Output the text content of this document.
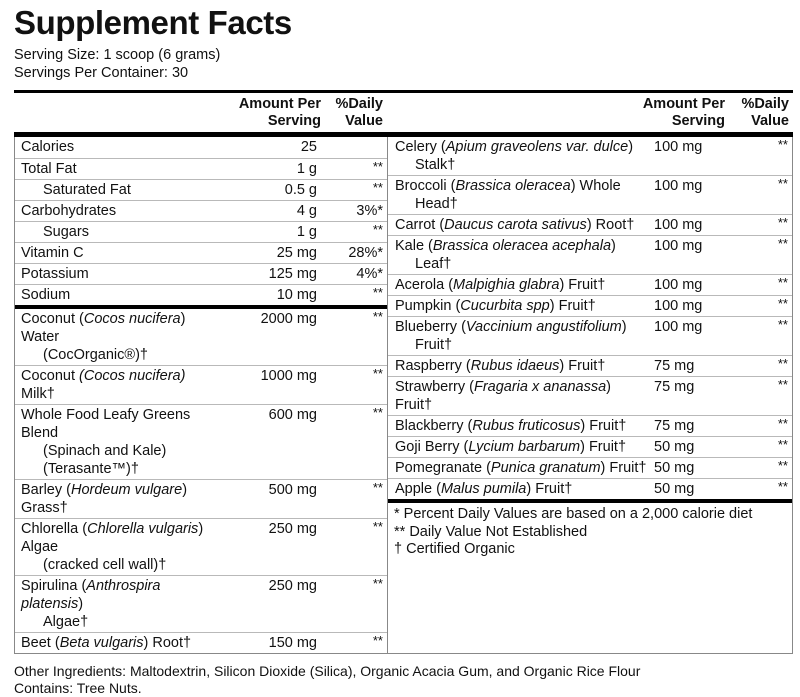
Supplement Facts
Serving Size: 1 scoop (6 grams)
Servings Per Container: 30
Amount Per
Serving
%Daily
Value
Amount Per
Serving
%Daily
Value
Calories	25
Total Fat	1 g	**
Saturated Fat	0.5 g	**
Carbohydrates	4 g	3%*
Sugars	1 g	**
Vitamin C	25 mg	28%*
Potassium	125 mg	4%*
Sodium	10 mg	**
Coconut (Cocos nucifera) Water
(CocOrganic®)†
2000 mg	**
Coconut (Cocos nucifera) Milk†
1000 mg	**
Whole Food Leafy Greens Blend
(Spinach and Kale) (Terasante™)†
600 mg	**
Barley (Hordeum vulgare) Grass†
500 mg	**
Chlorella (Chlorella vulgaris) Algae
(cracked cell wall)†
250 mg	**
Spirulina (Anthrospira platensis)
Algae†
250 mg	**
Beet (Beta vulgaris) Root†	150 mg	**
Celery (Apium graveolens var. dulce)
Stalk†
100 mg	**
Broccoli (Brassica oleracea) Whole
Head†
100 mg	**
Carrot (Daucus carota sativus) Root†	100 mg	**
Kale (Brassica oleracea acephala)
Leaf†
100 mg	**
Acerola (Malpighia glabra) Fruit†	100 mg	**
Pumpkin (Cucurbita spp) Fruit†	100 mg	**
Blueberry (Vaccinium angustifolium)
Fruit†
100 mg	**
Raspberry (Rubus idaeus) Fruit†	75 mg	**
Strawberry (Fragaria x ananassa) Fruit†
75 mg	**
Blackberry (Rubus fruticosus) Fruit†	75 mg	**
Goji Berry (Lycium barbarum) Fruit†	50 mg	**
Pomegranate (Punica granatum) Fruit† 50 mg	**
Apple (Malus pumila) Fruit†	50 mg	**
* Percent Daily Values are based on a 2,000 calorie diet
** Daily Value Not Established
† Certified Organic
Other Ingredients: Maltodextrin, Silicon Dioxide (Silica), Organic Acacia Gum, and Organic Rice Flour
Contains: Tree Nuts.
